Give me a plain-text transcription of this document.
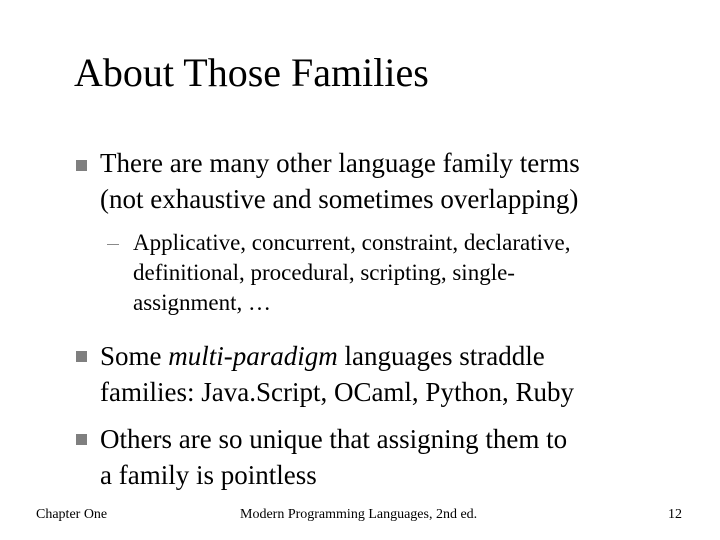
About Those Families
There are many other language family terms
(not exhaustive and sometimes overlapping)
Applicative, concurrent, constraint, declarative,
definitional, procedural, scripting, single-
assignment, …
Some multi-paradigm languages straddle
families: Java.Script, OCaml, Python, Ruby
Others are so unique that assigning them to
a family is pointless
Chapter One	Modern Programming Languages, 2nd ed.	12
